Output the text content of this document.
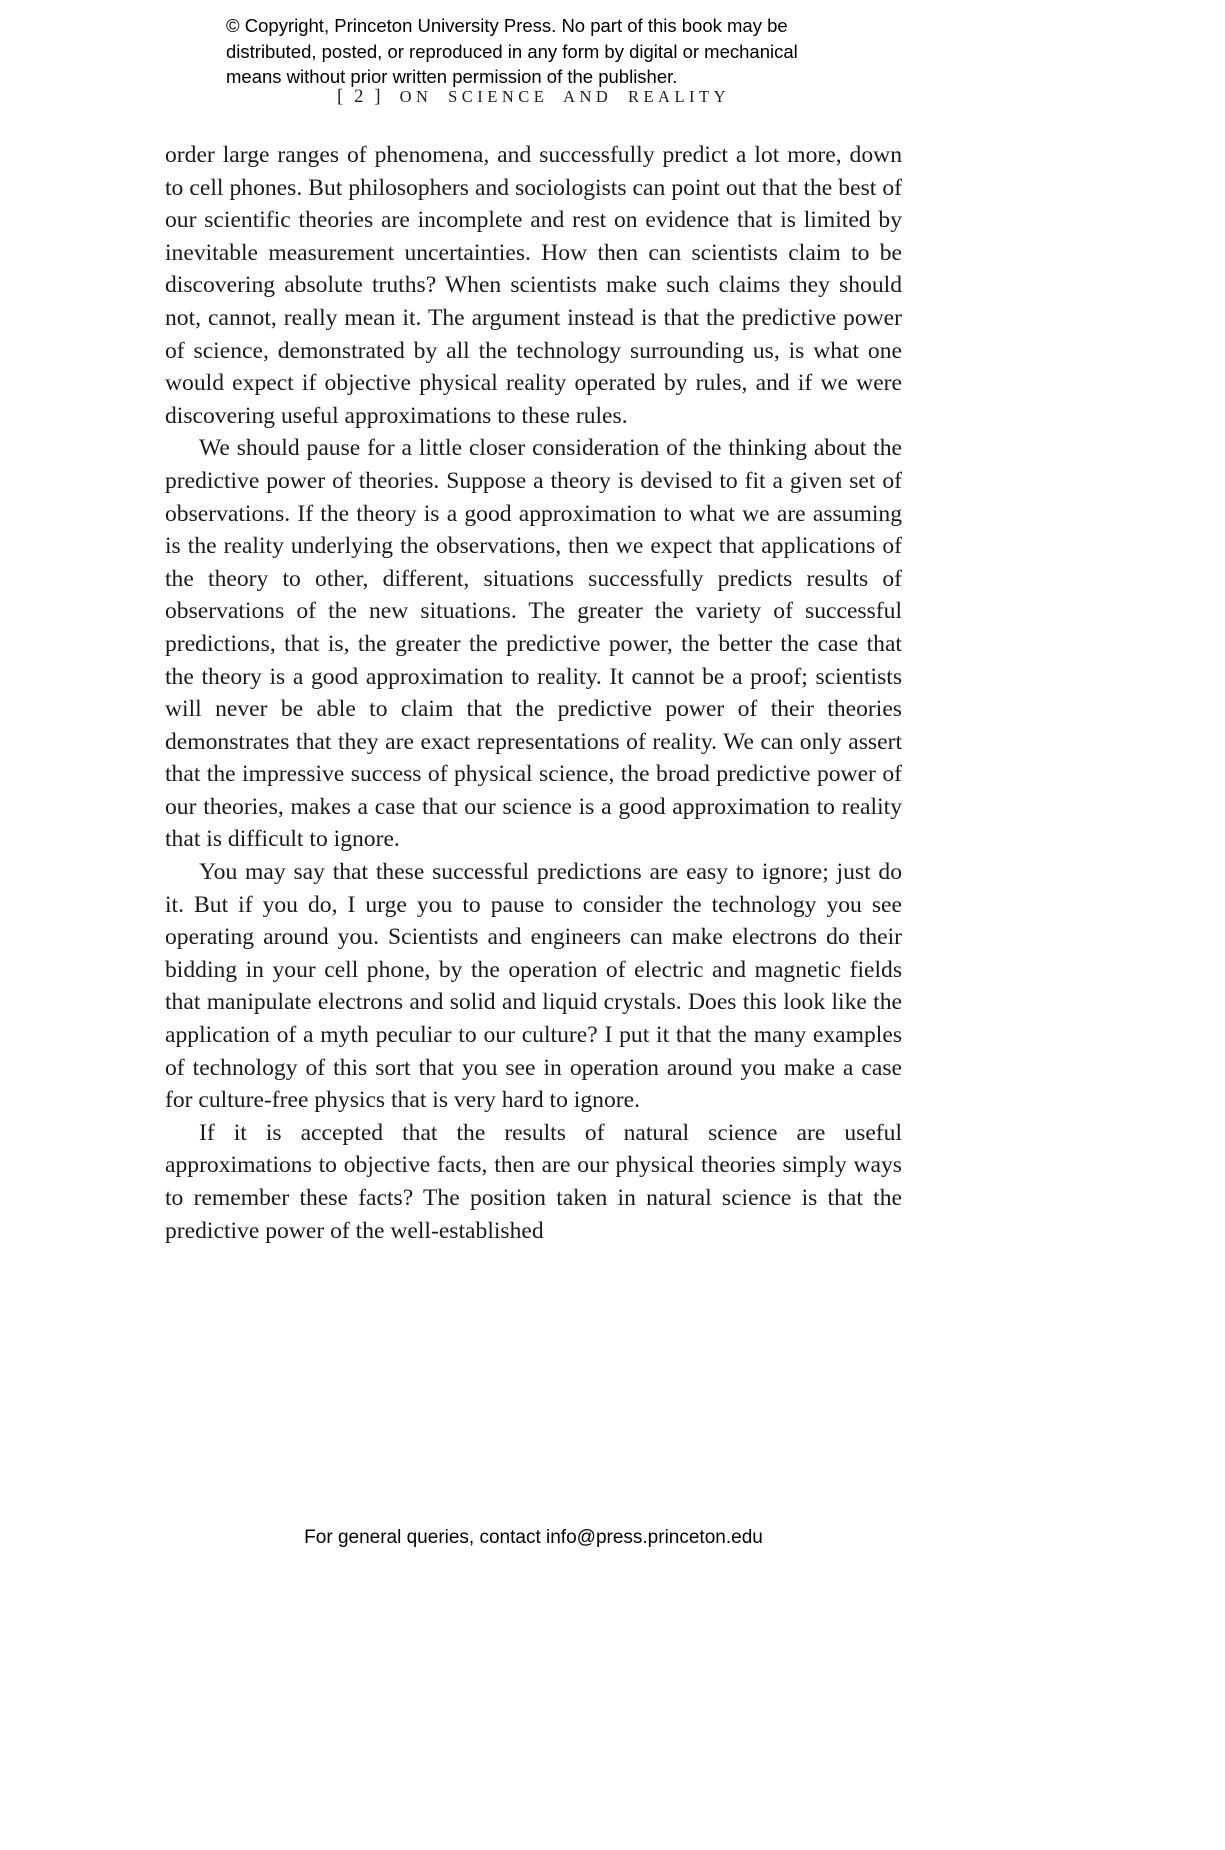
© Copyright, Princeton University Press. No part of this book may be
distributed, posted, or reproduced in any form by digital or mechanical
means without prior written permission of the publisher.
[ 2 ] ON SCIENCE AND REALITY

order large ranges of phenomena, and successfully predict a lot more, down to cell phones. But philosophers and sociologists can point out that the best of our scientific theories are incomplete and rest on evidence that is limited by inevitable measurement uncertainties. How then can scientists claim to be discovering absolute truths? When scientists make such claims they should not, cannot, really mean it. The argument instead is that the predictive power of science, demonstrated by all the technology surrounding us, is what one would expect if objective physical reality operated by rules, and if we were discovering useful approximations to these rules.

We should pause for a little closer consideration of the thinking about the predictive power of theories. Suppose a theory is devised to fit a given set of observations. If the theory is a good approximation to what we are assuming is the reality underlying the observations, then we expect that applications of the theory to other, different, situations successfully predicts results of observations of the new situations. The greater the variety of successful predictions, that is, the greater the predictive power, the better the case that the theory is a good approximation to reality. It cannot be a proof; scientists will never be able to claim that the predictive power of their theories demonstrates that they are exact representations of reality. We can only assert that the impressive success of physical science, the broad predictive power of our theories, makes a case that our science is a good approximation to reality that is difficult to ignore.

You may say that these successful predictions are easy to ignore; just do it. But if you do, I urge you to pause to consider the technology you see operating around you. Scientists and engineers can make electrons do their bidding in your cell phone, by the operation of electric and magnetic fields that manipulate electrons and solid and liquid crystals. Does this look like the application of a myth peculiar to our culture? I put it that the many examples of technology of this sort that you see in operation around you make a case for culture-free physics that is very hard to ignore.

If it is accepted that the results of natural science are useful approximations to objective facts, then are our physical theories simply ways to remember these facts? The position taken in natural science is that the predictive power of the well-established

For general queries, contact info@press.princeton.edu
